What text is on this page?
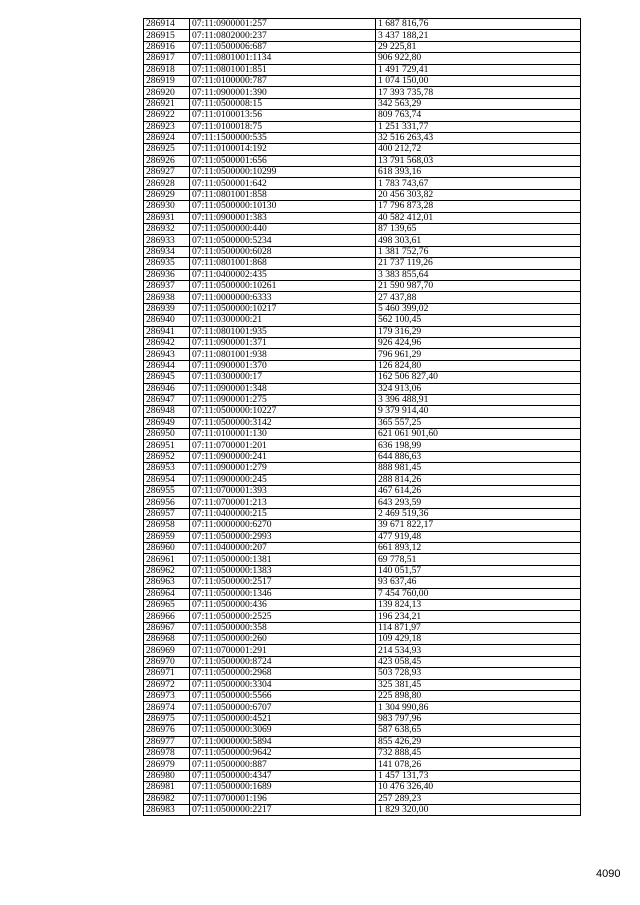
286914	07:11:0900001:257	1 687 816,76
286915	07:11:0802000:237	3 437 188,21
286916	07:11:0500006:687	29 225,81
286917	07:11:0801001:1134	906 922,80
286918	07:11:0801001:851	1 491 729,41
286919	07:11:0100000:787	1 074 150,00
286920	07:11:0900001:390	17 393 735,78
286921	07:11:0500008:15	342 563,29
286922	07:11:0100013:56	809 763,74
286923	07:11:0100018:75	1 251 331,77
286924	07:11:1500000:535	32 516 263,43
286925	07:11:0100014:192	400 212,72
286926	07:11:0500001:656	13 791 568,03
286927	07:11:0500000:10299	618 393,16
286928	07:11:0500001:642	1 783 743,67
286929	07:11:0801001:858	20 456 303,82
286930	07:11:0500000:10130	17 796 873,28
286931	07:11:0900001:383	40 582 412,01
286932	07:11:0500000:440	87 139,65
286933	07:11:0500000:5234	498 303,61
286934	07:11:0500000:6028	1 381 752,76
286935	07:11:0801001:868	21 737 119,26
286936	07:11:0400002:435	3 383 855,64
286937	07:11:0500000:10261	21 590 987,70
286938	07:11:0000000:6333	27 437,88
286939	07:11:0500000:10217	5 460 399,02
286940	07:11:0300000:21	562 100,45
286941	07:11:0801001:935	179 316,29
286942	07:11:0900001:371	926 424,96
286943	07:11:0801001:938	796 961,29
286944	07:11:0900001:370	126 824,80
286945	07:11:0300000:17	162 506 827,40
286946	07:11:0900001:348	324 913,06
286947	07:11:0900001:275	3 396 488,91
286948	07:11:0500000:10227	9 379 914,40
286949	07:11:0500000:3142	365 557,25
286950	07:11:0100001:130	621 061 901,60
286951	07:11:0700001:201	636 198,99
286952	07:11:0900000:241	644 886,63
286953	07:11:0900001:279	888 981,45
286954	07:11:0900000:245	288 814,26
286955	07:11:0700001:393	467 614,26
286956	07:11:0700001:213	643 293,59
286957	07:11:0400000:215	2 469 519,36
286958	07:11:0000000:6270	39 671 822,17
286959	07:11:0500000:2993	477 919,48
286960	07:11:0400000:207	661 893,12
286961	07:11:0500000:1381	69 778,51
286962	07:11:0500000:1383	140 051,57
286963	07:11:0500000:2517	93 637,46
286964	07:11:0500000:1346	7 454 760,00
286965	07:11:0500000:436	139 824,13
286966	07:11:0500000:2525	196 234,21
286967	07:11:0500000:358	114 871,97
286968	07:11:0500000:260	109 429,18
286969	07:11:0700001:291	214 534,93
286970	07:11:0500000:8724	423 058,45
286971	07:11:0500000:2968	503 728,93
286972	07:11:0500000:3304	325 381,45
286973	07:11:0500000:5566	225 898,80
286974	07:11:0500000:6707	1 304 990,86
286975	07:11:0500000:4521	983 797,96
286976	07:11:0500000:3069	587 638,65
286977	07:11:0000000:5894	855 426,29
286978	07:11:0500000:9642	732 888,45
286979	07:11:0500000:887	141 078,26
286980	07:11:0500000:4347	1 457 131,73
286981	07:11:0500000:1689	10 476 326,40
286982	07:11:0700001:196	257 289,23
286983	07:11:0500000:2217	1 829 320,00
4090
